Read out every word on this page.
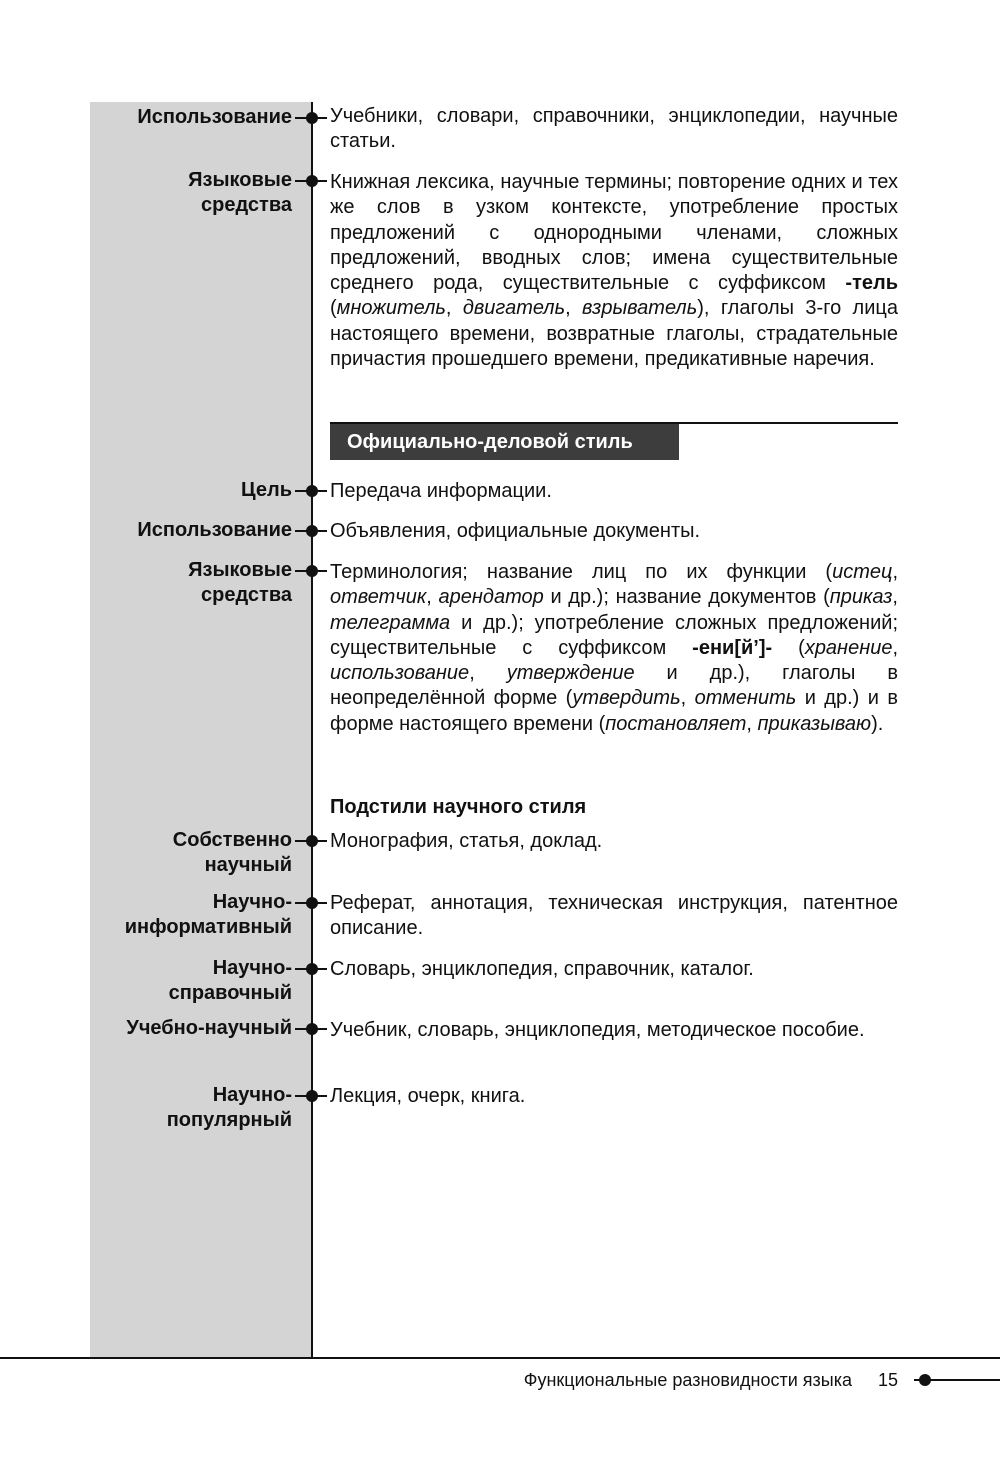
Использование Учебники, словари, справочники, энциклопедии, научные статьи.
Языковые
средства
Книжная лексика, научные термины; повторение одних и тех же слов в узком контексте, употребление простых предложений с однородными членами, сложных предложений, вводных слов; имена существительные среднего рода, существительные с суффиксом -тель (множитель, двигатель, взрыватель), глаголы 3-го лица настоящего времени, возвратные глаголы, страдательные причастия прошедшего времени, предикативные наречия.
Официально-деловой стиль
Цель Передача информации.
Использование Объявления, официальные документы.
Языковые
средства
Терминология; название лиц по их функции (истец, ответчик, арендатор и др.); название документов (приказ, телеграмма и др.); употребление сложных предложений; существительные с суффиксом -ени[й’]- (хранение, использование, утверждение и др.), глаголы в неопределённой форме (утвердить, отменить и др.) и в форме настоящего времени (постановляет, приказываю).
Подстили научного стиля
Собственно
научный
Монография, статья, доклад.
Научно-
информативный
Реферат, аннотация, техническая инструкция, патентное описание.
Научно-
справочный
Словарь, энциклопедия, справочник, каталог.
Учебно-научный Учебник, словарь, энциклопедия, методическое пособие.
Научно-
популярный
Лекция, очерк, книга.
Функциональные разновидности языка 15
